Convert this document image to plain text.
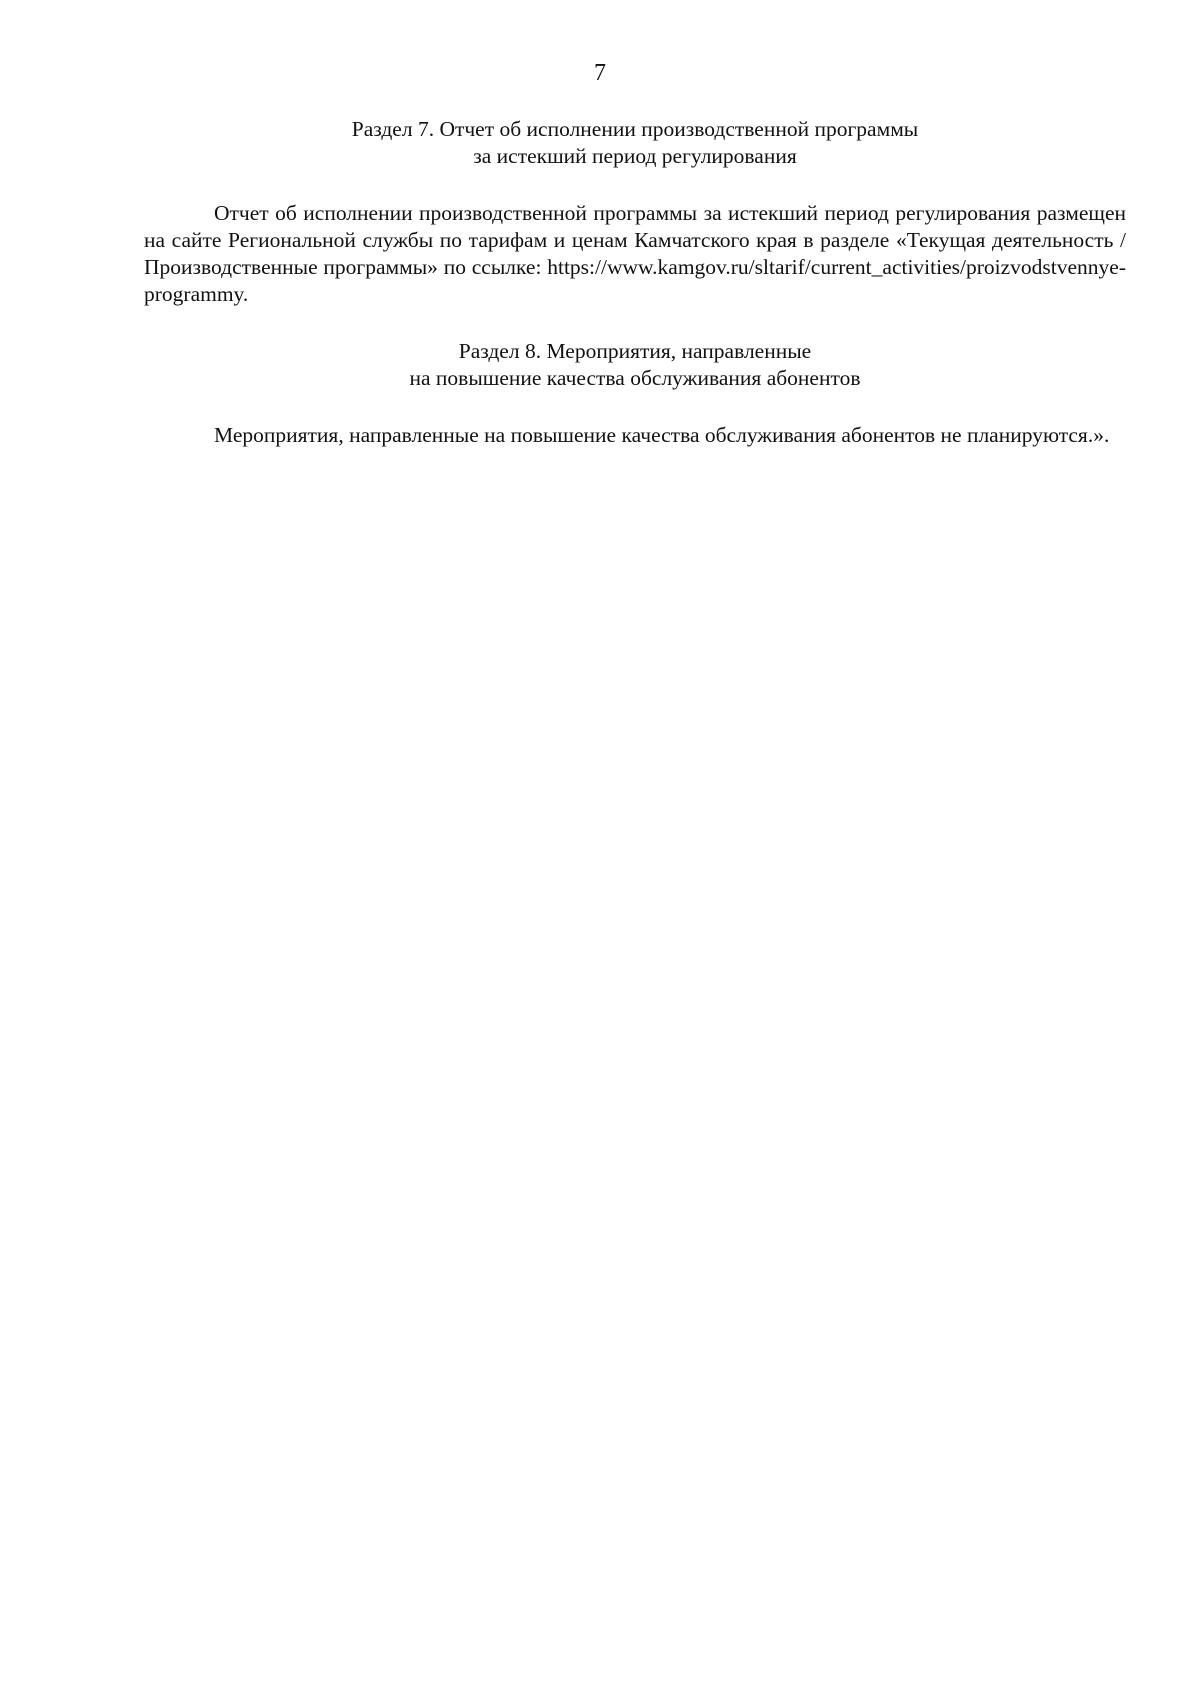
7

Раздел 7. Отчет об исполнении производственной программы
за истекший период регулирования

Отчет об исполнении производственной программы за истекший период регулирования размещен на сайте Региональной службы по тарифам и ценам Камчатского края в разделе «Текущая деятельность / Производственные программы» по ссылке: https://www.kamgov.ru/sltarif/current_activities/proizvodstvennye-programmy.

Раздел 8. Мероприятия, направленные
на повышение качества обслуживания абонентов

Мероприятия, направленные на повышение качества обслуживания абонентов не планируются.».
